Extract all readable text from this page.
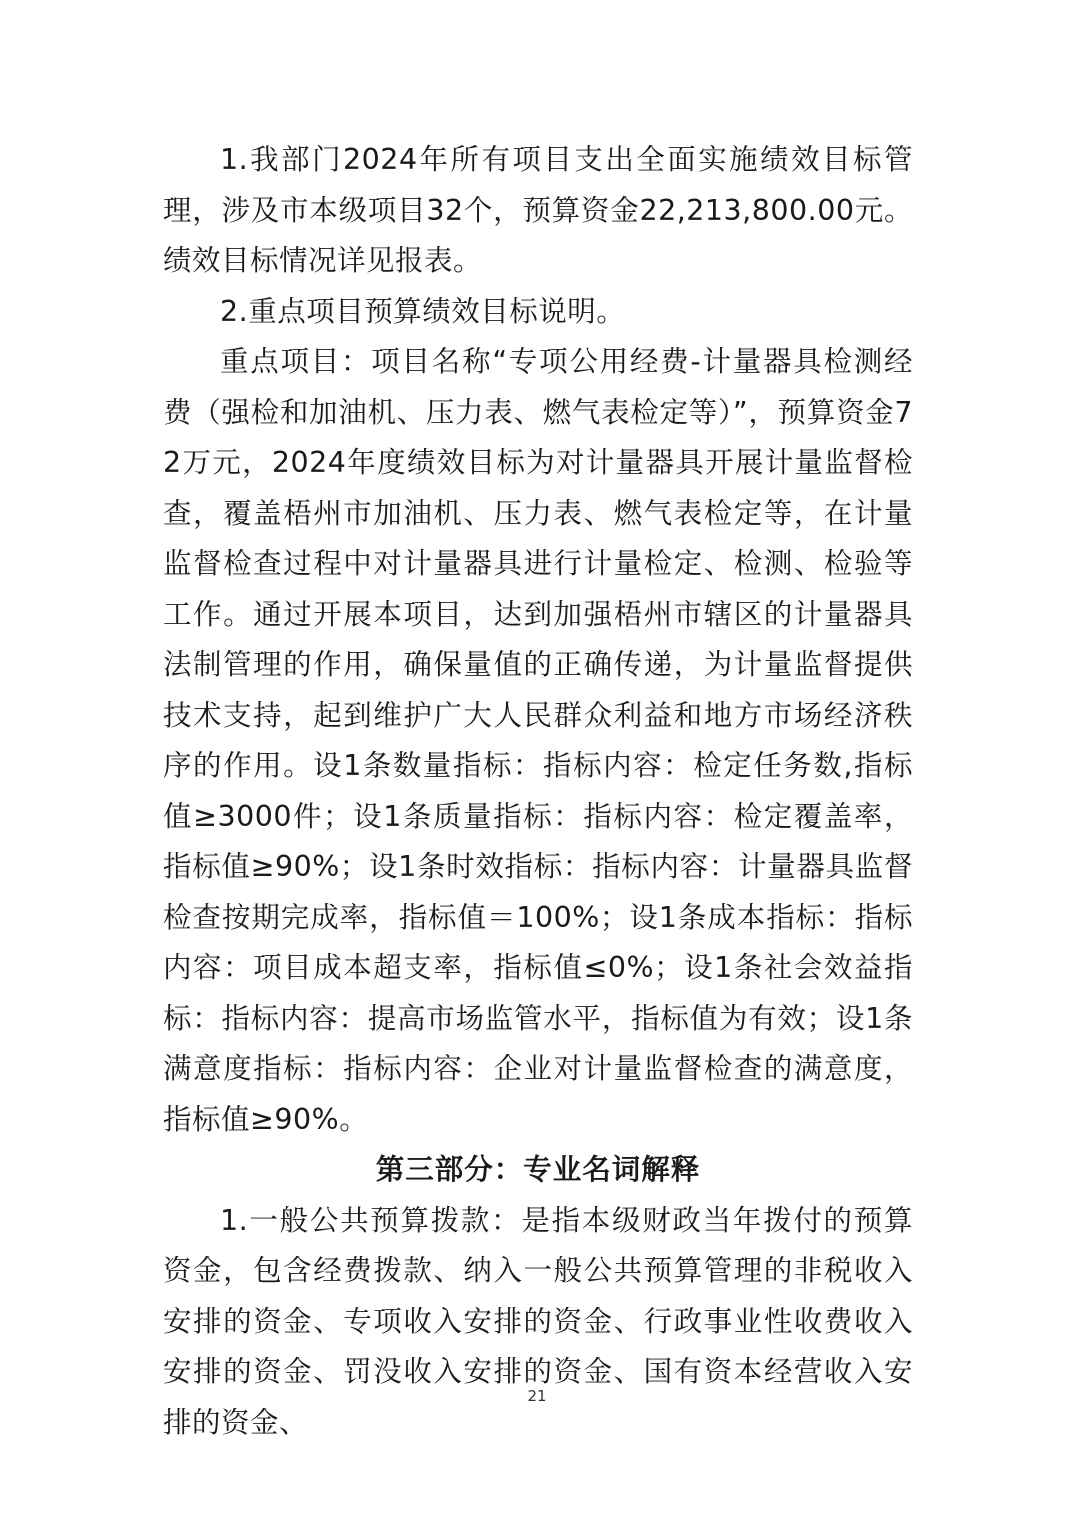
1.我部门2024年所有项目支出全面实施绩效目标管理，涉及市本级项目32个，预算资金22,213,800.00元。绩效目标情况详见报表。

2.重点项目预算绩效目标说明。

重点项目：项目名称“专项公用经费-计量器具检测经费（强检和加油机、压力表、燃气表检定等）”，预算资金72万元，2024年度绩效目标为对计量器具开展计量监督检查，覆盖梧州市加油机、压力表、燃气表检定等，在计量监督检查过程中对计量器具进行计量检定、检测、检验等工作。通过开展本项目，达到加强梧州市辖区的计量器具法制管理的作用，确保量值的正确传递，为计量监督提供技术支持，起到维护广大人民群众利益和地方市场经济秩序的作用。设1条数量指标：指标内容：检定任务数,指标值≥3000件；设1条质量指标：指标内容：检定覆盖率，指标值≥90%；设1条时效指标：指标内容：计量器具监督检查按期完成率，指标值＝100%；设1条成本指标：指标内容：项目成本超支率，指标值≤0%；设1条社会效益指标：指标内容：提高市场监管水平，指标值为有效；设1条满意度指标：指标内容：企业对计量监督检查的满意度，指标值≥90%。

第三部分：专业名词解释

1.一般公共预算拨款：是指本级财政当年拨付的预算资金，包含经费拨款、纳入一般公共预算管理的非税收入安排的资金、专项收入安排的资金、行政事业性收费收入安排的资金、罚没收入安排的资金、国有资本经营收入安排的资金、

21
